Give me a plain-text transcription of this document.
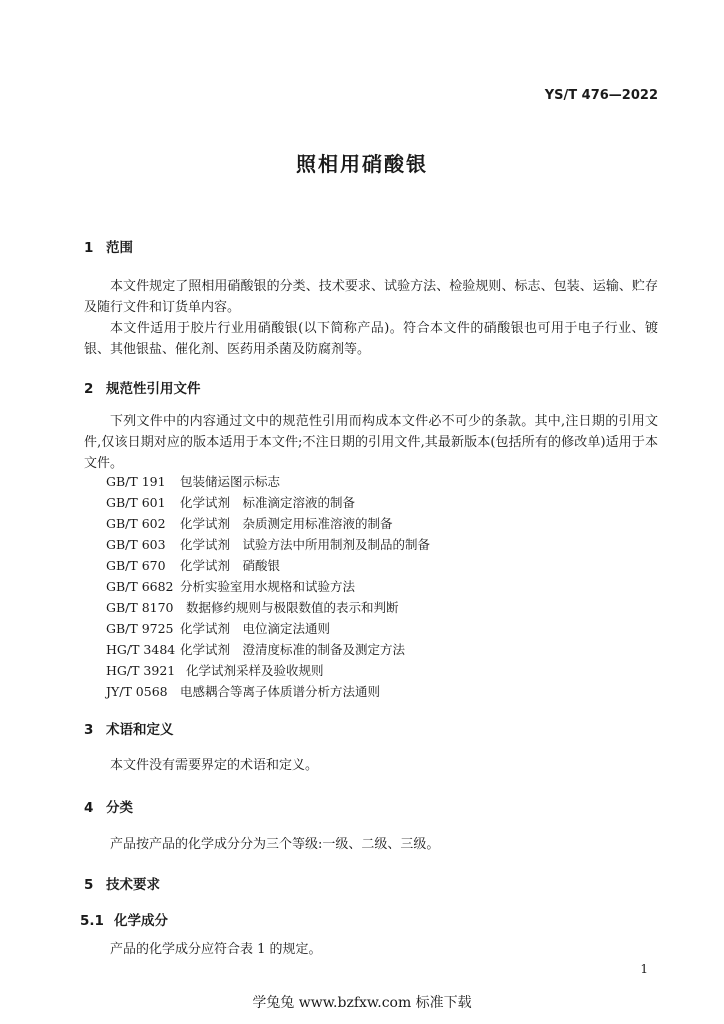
YS/T 476—2022
照相用硝酸银
1 范围
本文件规定了照相用硝酸银的分类、技术要求、试验方法、检验规则、标志、包装、运输、贮存及随行文件和订货单内容。
本文件适用于胶片行业用硝酸银(以下简称产品)。符合本文件的硝酸银也可用于电子行业、镀银、其他银盐、催化剂、医药用杀菌及防腐剂等。
2 规范性引用文件
下列文件中的内容通过文中的规范性引用而构成本文件必不可少的条款。其中,注日期的引用文件,仅该日期对应的版本适用于本文件;不注日期的引用文件,其最新版本(包括所有的修改单)适用于本文件。
GB/T 191 包装储运图示标志
GB/T 601 化学试剂　标准滴定溶液的制备
GB/T 602 化学试剂　杂质测定用标准溶液的制备
GB/T 603 化学试剂　试验方法中所用制剂及制品的制备
GB/T 670 化学试剂　硝酸银
GB/T 6682 分析实验室用水规格和试验方法
GB/T 8170 数据修约规则与极限数值的表示和判断
GB/T 9725 化学试剂　电位滴定法通则
HG/T 3484 化学试剂　澄清度标准的制备及测定方法
HG/T 3921 化学试剂采样及验收规则
JY/T 0568 电感耦合等离子体质谱分析方法通则
3 术语和定义
本文件没有需要界定的术语和定义。
4 分类
产品按产品的化学成分分为三个等级:一级、二级、三级。
5 技术要求
5.1 化学成分
产品的化学成分应符合表 1 的规定。
1
学兔兔 www.bzfxw.com 标准下载
